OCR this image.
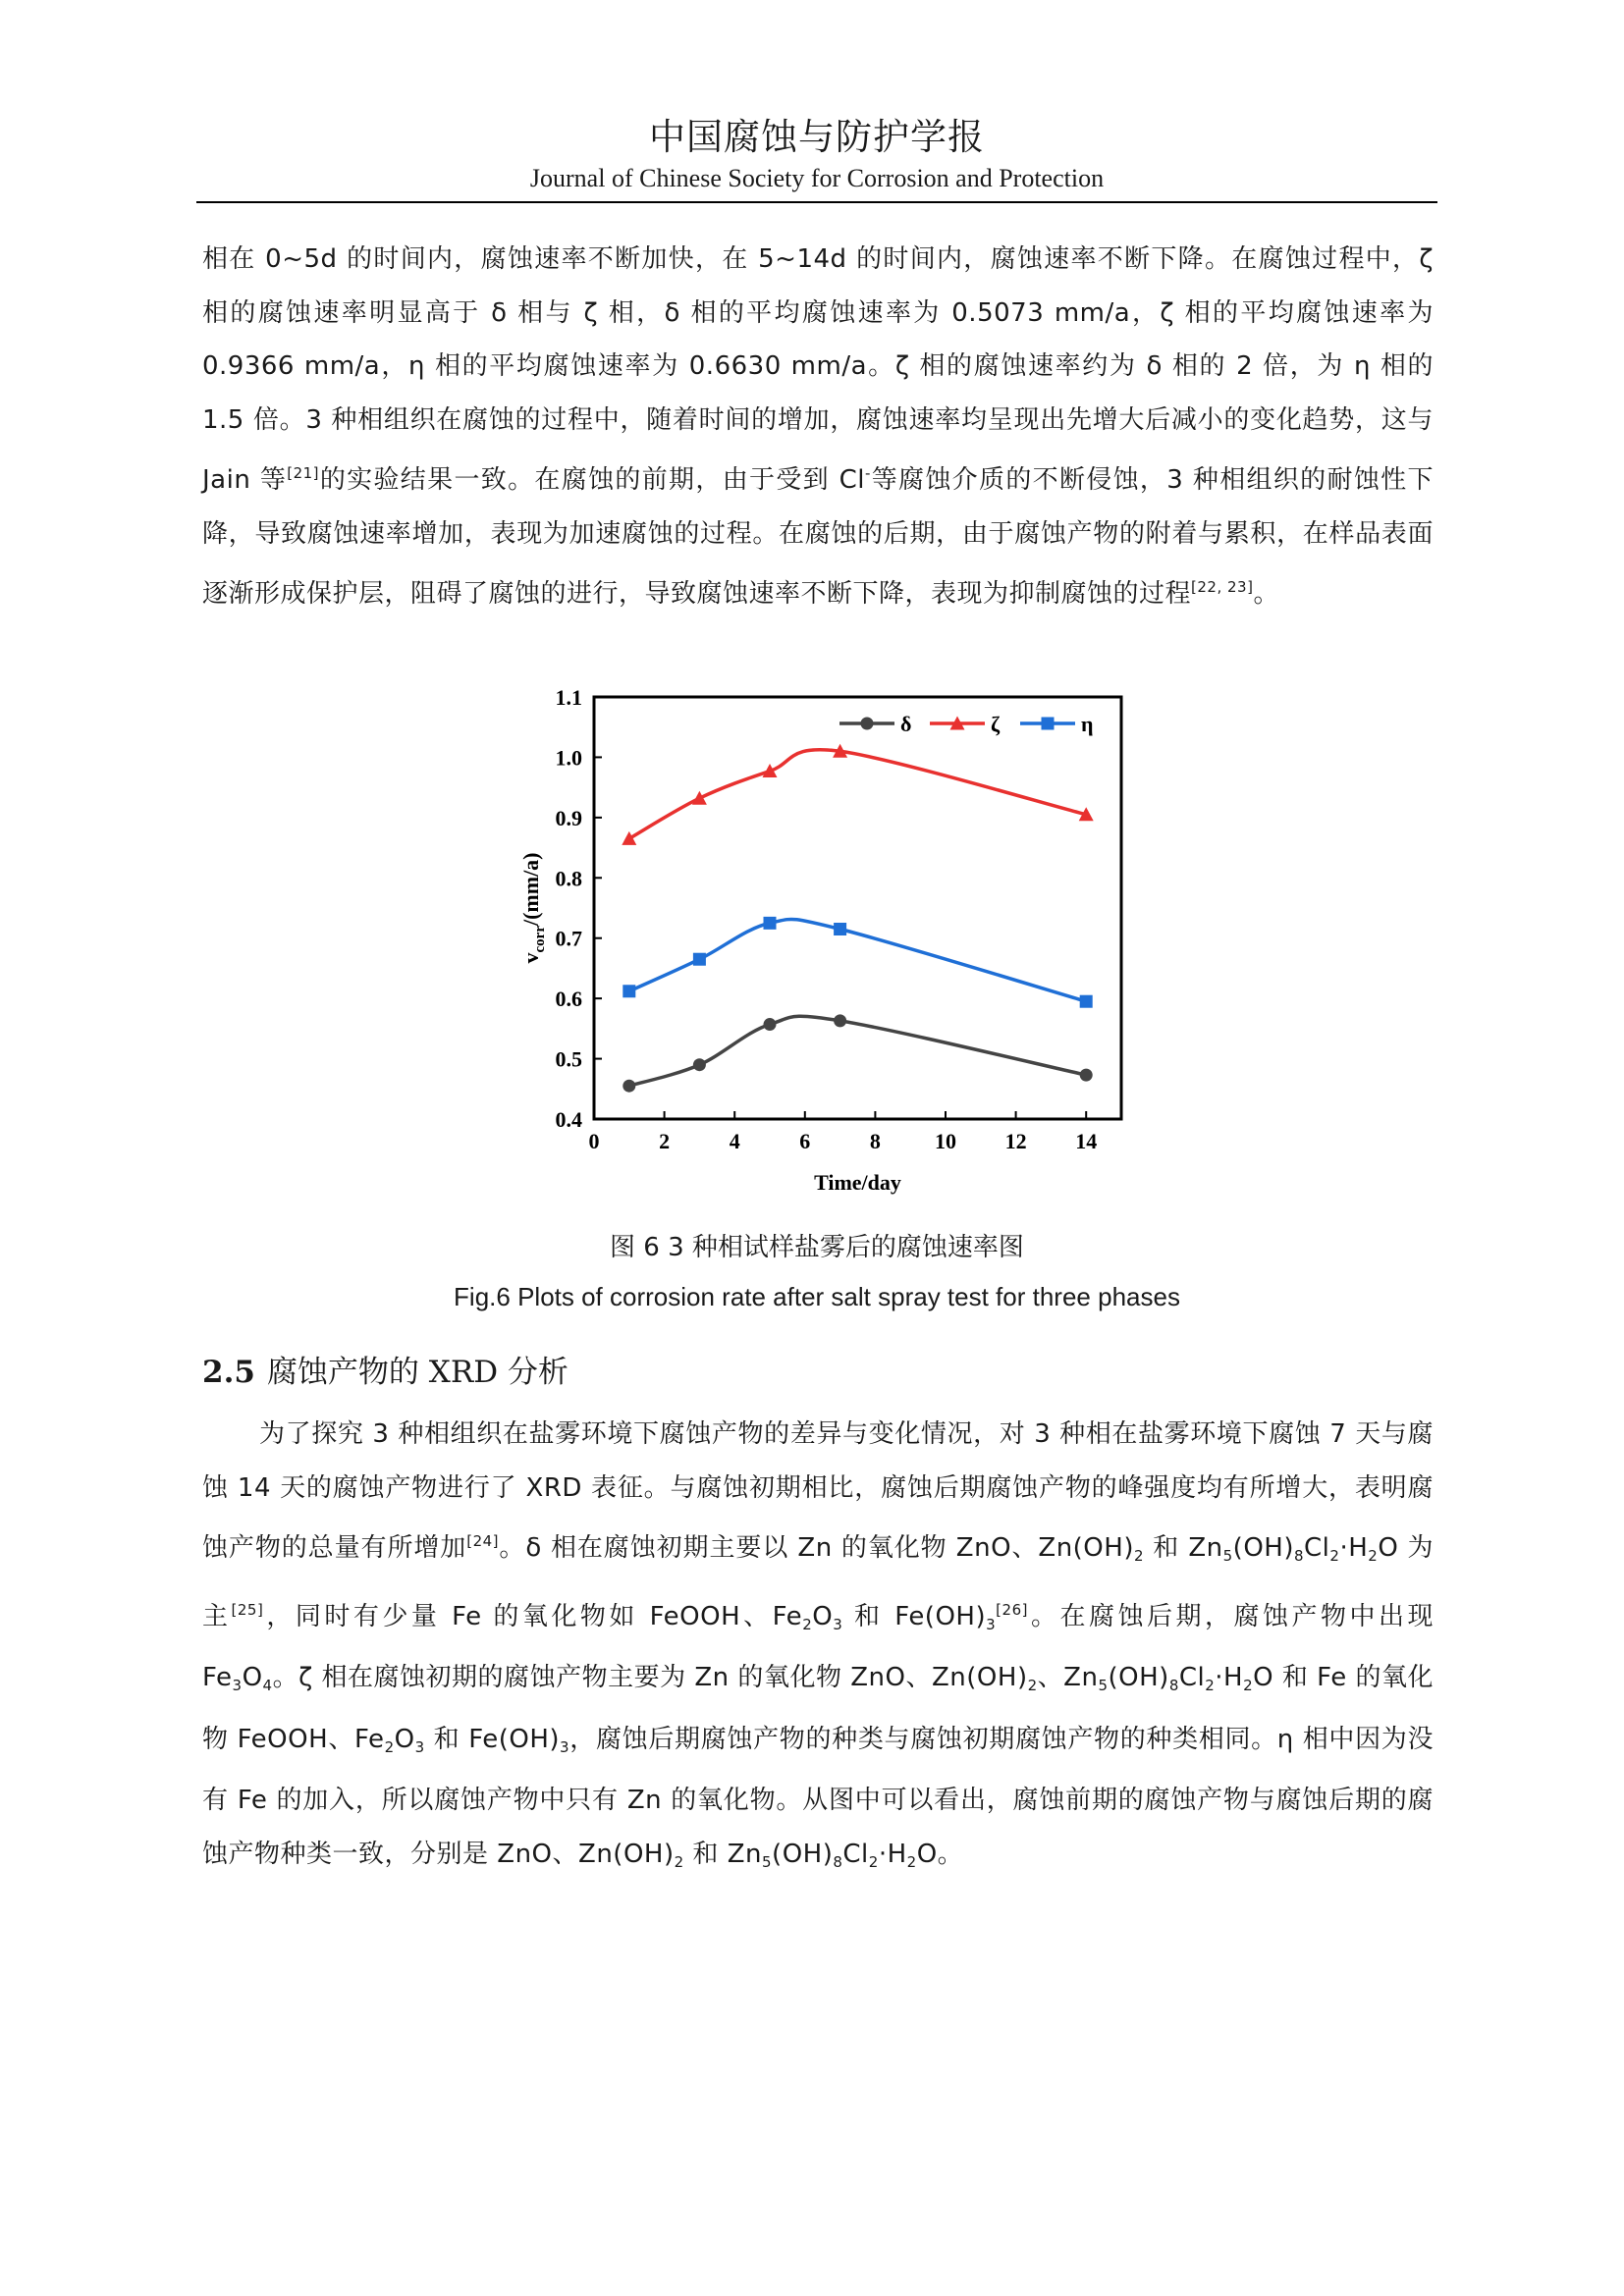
中国腐蚀与防护学报
Journal of Chinese Society for Corrosion and Protection
相在 0~5d 的时间内，腐蚀速率不断加快，在 5~14d 的时间内，腐蚀速率不断下降。在腐蚀过程中，ζ 相的腐蚀速率明显高于 δ 相与 ζ 相，δ 相的平均腐蚀速率为 0.5073 mm/a，ζ 相的平均腐蚀速率为 0.9366 mm/a，η 相的平均腐蚀速率为 0.6630 mm/a。ζ 相的腐蚀速率约为 δ 相的 2 倍，为 η 相的 1.5 倍。3 种相组织在腐蚀的过程中，随着时间的增加，腐蚀速率均呈现出先增大后减小的变化趋势，这与 Jain 等[21]的实验结果一致。在腐蚀的前期，由于受到 Cl-等腐蚀介质的不断侵蚀，3 种相组织的耐蚀性下降，导致腐蚀速率增加，表现为加速腐蚀的过程。在腐蚀的后期，由于腐蚀产物的附着与累积，在样品表面逐渐形成保护层，阻碍了腐蚀的进行，导致腐蚀速率不断下降，表现为抑制腐蚀的过程[22, 23]。
0	2	4	6	8	10 12 14
0.4
0.5
0.6
0.7
0.8
0.9
1.0
1.1
δ	ζ	η
Time/day
$v_{corr}/(mm/a)$
图 6 3 种相试样盐雾后的腐蚀速率图
Fig.6 Plots of corrosion rate after salt spray test for three phases
2.5 腐蚀产物的 XRD 分析
为了探究 3 种相组织在盐雾环境下腐蚀产物的差异与变化情况，对 3 种相在盐雾环境下腐蚀 7 天与腐蚀 14 天的腐蚀产物进行了 XRD 表征。与腐蚀初期相比，腐蚀后期腐蚀产物的峰强度均有所增大，表明腐蚀产物的总量有所增加[24]。δ 相在腐蚀初期主要以 Zn 的氧化物 ZnO、$Zn(OH)_2$ 和 $Zn_5(OH)_8Cl_2\cdot H_2O$ 为主[25]，同时有少量 Fe 的氧化物如 FeOOH、$Fe_2O_3$ 和 $Fe(OH)_3[26]$。在腐蚀后期，腐蚀产物中出现 $Fe_3O_4$。ζ 相在腐蚀初期的腐蚀产物主要为 Zn 的氧化物 ZnO、$Zn(OH)_2$、$Zn_5(OH)_8Cl_2\cdot H_2O$ 和 Fe 的氧化物 FeOOH、$Fe_2O_3$ 和 $Fe(OH)_3$，腐蚀后期腐蚀产物的种类与腐蚀初期腐蚀产物的种类相同。η 相中因为没有 Fe 的加入，所以腐蚀产物中只有 Zn 的氧化物。从图中可以看出，腐蚀前期的腐蚀产物与腐蚀后期的腐蚀产物种类一致，分别是 ZnO、$Zn(OH)_2$ 和 $Zn_5(OH)_8Cl_2\cdot H_2O$。
